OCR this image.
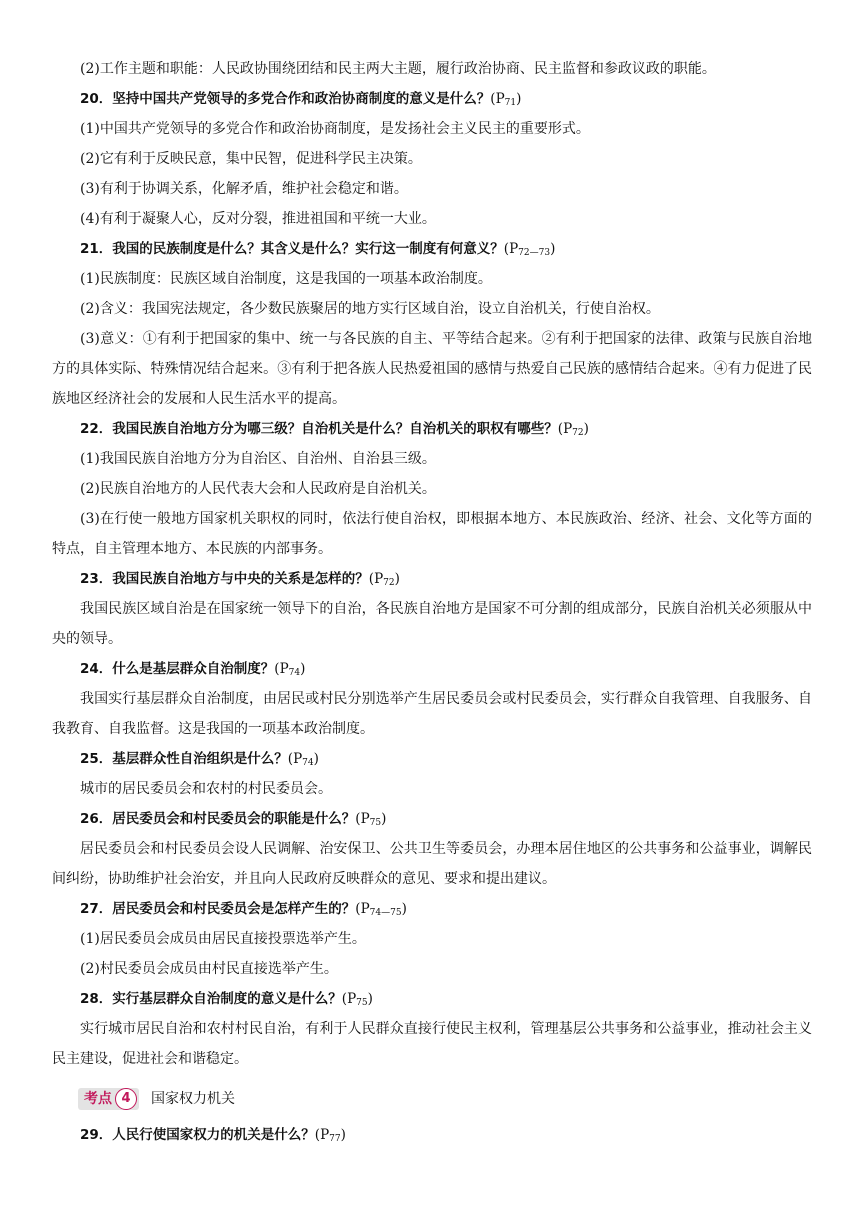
(2)工作主题和职能：人民政协围绕团结和民主两大主题，履行政治协商、民主监督和参政议政的职能。

20．坚持中国共产党领导的多党合作和政治协商制度的意义是什么？$(P_{71})$

(1)中国共产党领导的多党合作和政治协商制度，是发扬社会主义民主的重要形式。

(2)它有利于反映民意，集中民智，促进科学民主决策。

(3)有利于协调关系，化解矛盾，维护社会稳定和谐。

(4)有利于凝聚人心，反对分裂，推进祖国和平统一大业。

21．我国的民族制度是什么？其含义是什么？实行这一制度有何意义？$(P_{72—73})$

(1)民族制度：民族区域自治制度，这是我国的一项基本政治制度。

(2)含义：我国宪法规定，各少数民族聚居的地方实行区域自治，设立自治机关，行使自治权。

(3)意义：①有利于把国家的集中、统一与各民族的自主、平等结合起来。②有利于把国家的法律、政策与民族自治地方的具体实际、特殊情况结合起来。③有利于把各族人民热爱祖国的感情与热爱自己民族的感情结合起来。④有力促进了民族地区经济社会的发展和人民生活水平的提高。

22．我国民族自治地方分为哪三级？自治机关是什么？自治机关的职权有哪些？$(P_{72})$

(1)我国民族自治地方分为自治区、自治州、自治县三级。

(2)民族自治地方的人民代表大会和人民政府是自治机关。

(3)在行使一般地方国家机关职权的同时，依法行使自治权，即根据本地方、本民族政治、经济、社会、文化等方面的特点，自主管理本地方、本民族的内部事务。

23．我国民族自治地方与中央的关系是怎样的？$(P_{72})$

我国民族区域自治是在国家统一领导下的自治，各民族自治地方是国家不可分割的组成部分，民族自治机关必须服从中央的领导。

24．什么是基层群众自治制度？$(P_{74})$

我国实行基层群众自治制度，由居民或村民分别选举产生居民委员会或村民委员会，实行群众自我管理、自我服务、自我教育、自我监督。这是我国的一项基本政治制度。

25．基层群众性自治组织是什么？$(P_{74})$

城市的居民委员会和农村的村民委员会。

26．居民委员会和村民委员会的职能是什么？$(P_{75})$

居民委员会和村民委员会设人民调解、治安保卫、公共卫生等委员会，办理本居住地区的公共事务和公益事业，调解民间纠纷，协助维护社会治安，并且向人民政府反映群众的意见、要求和提出建议。

27．居民委员会和村民委员会是怎样产生的？$(P_{74—75})$

(1)居民委员会成员由居民直接投票选举产生。

(2)村民委员会成员由村民直接选举产生。

28．实行基层群众自治制度的意义是什么？$(P_{75})$

实行城市居民自治和农村村民自治，有利于人民群众直接行使民主权利，管理基层公共事务和公益事业，推动社会主义民主建设，促进社会和谐稳定。

考点 4	国家权力机关

29．人民行使国家权力的机关是什么？$(P_{77})$
